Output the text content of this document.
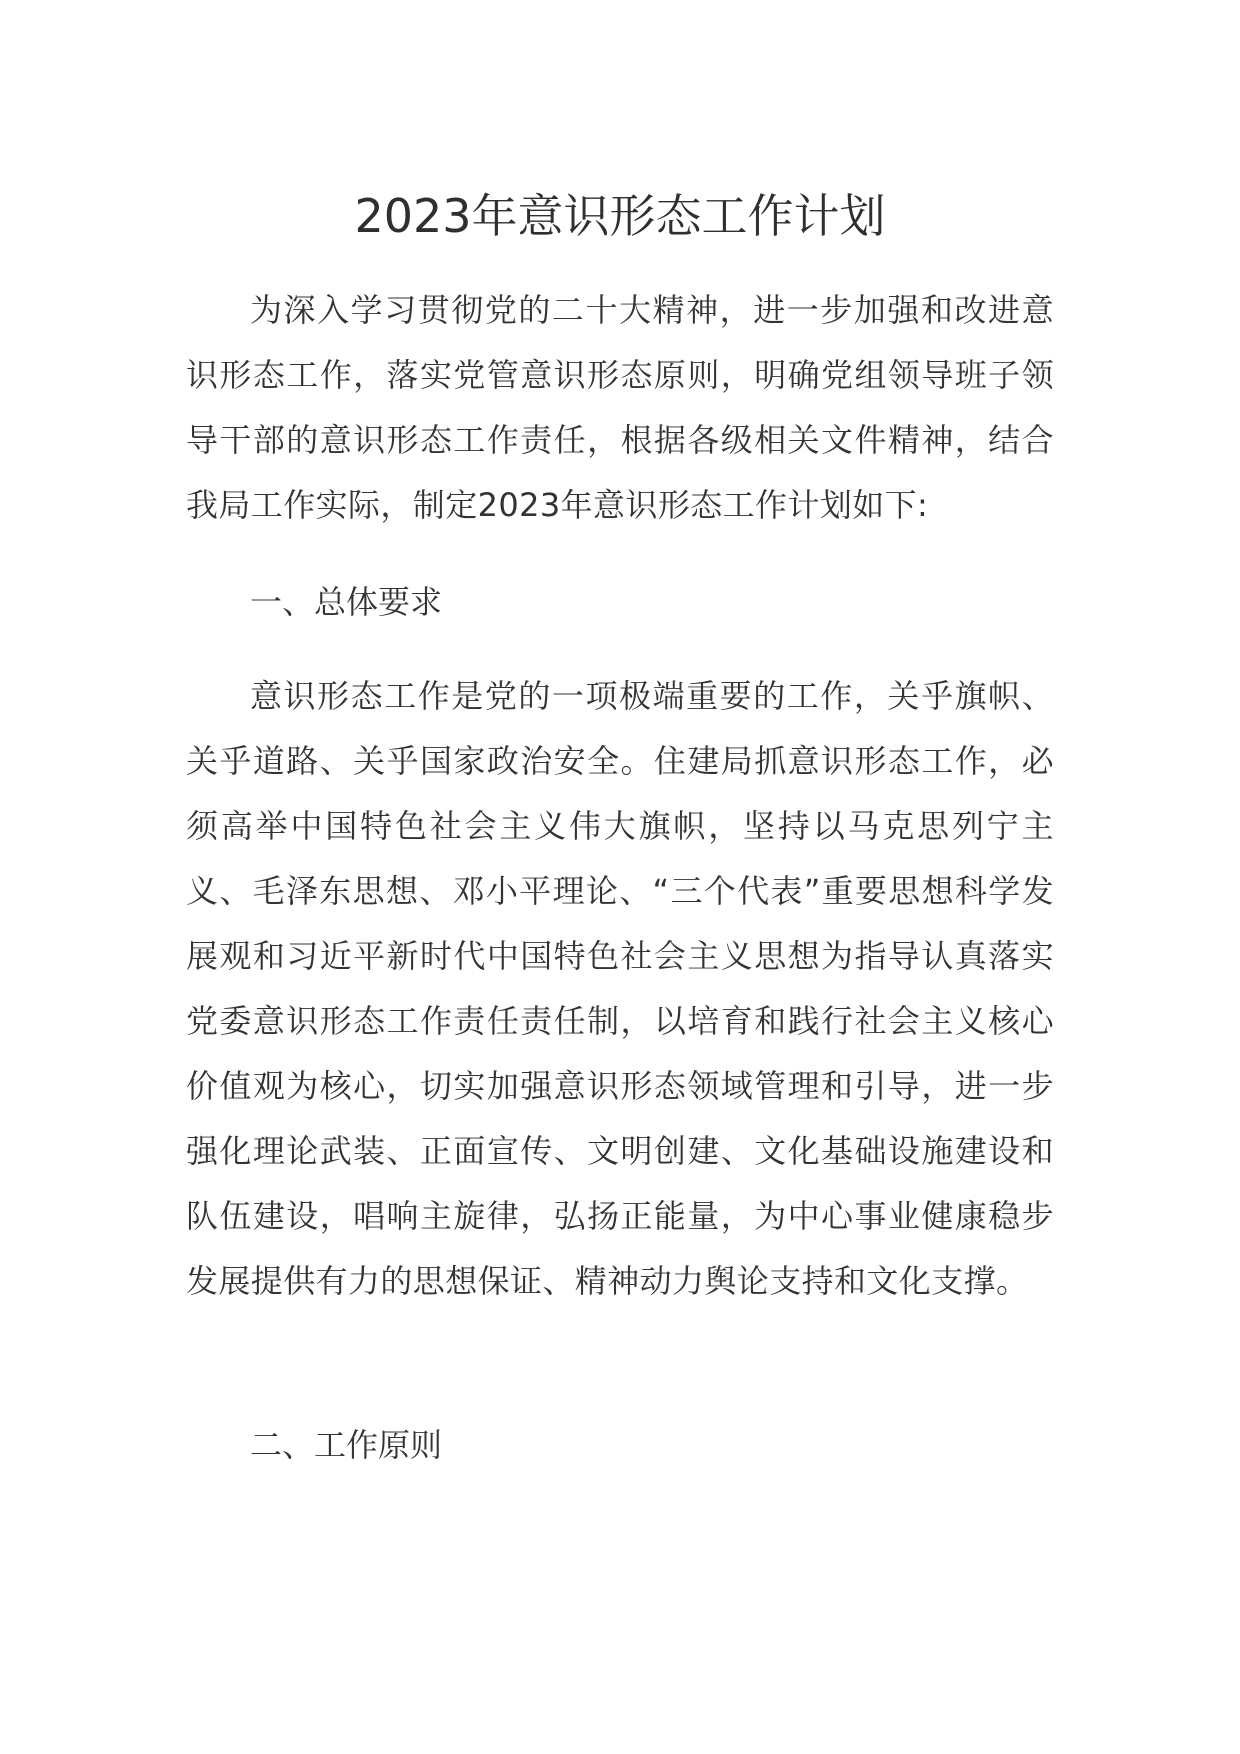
2023年意识形态工作计划

为深入学习贯彻党的二十大精神，进一步加强和改进意识形态工作，落实党管意识形态原则，明确党组领导班子领导干部的意识形态工作责任，根据各级相关文件精神，结合我局工作实际，制定2023年意识形态工作计划如下:

一、总体要求

意识形态工作是党的一项极端重要的工作，关乎旗帜、关乎道路、关乎国家政治安全。住建局抓意识形态工作，必须高举中国特色社会主义伟大旗帜，坚持以马克思列宁主义、毛泽东思想、邓小平理论、“三个代表”重要思想科学发展观和习近平新时代中国特色社会主义思想为指导认真落实党委意识形态工作责任责任制，以培育和践行社会主义核心价值观为核心，切实加强意识形态领域管理和引导，进一步强化理论武装、正面宣传、文明创建、文化基础设施建设和队伍建设，唱响主旋律，弘扬正能量，为中心事业健康稳步发展提供有力的思想保证、精神动力舆论支持和文化支撑。

二、工作原则
